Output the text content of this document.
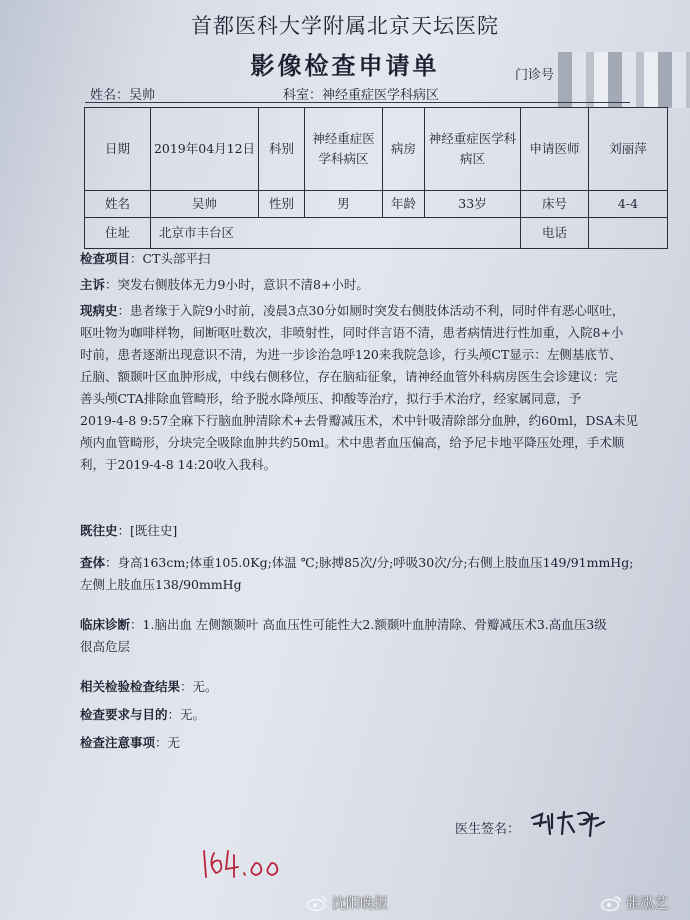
首都医科大学附属北京天坛医院
影像检查申请单	门诊号
姓名：吴帅	科室：神经重症医学科病区
日期	2019年04月12日	科别	神经重症医学科病区	病房	神经重症医学科病区	申请医师	刘丽萍
姓名	吴帅	性别	男	年龄	33岁	床号	4-4
住址	北京市丰台区					电话	
检查项目：CT头部平扫
主诉：突发右侧肢体无力9小时，意识不清8+小时。
现病史：患者缘于入院9小时前，凌晨3点30分如厕时突发右侧肢体活动不利，同时伴有恶心呕吐，
呕吐物为咖啡样物，间断呕吐数次，非喷射性，同时伴言语不清，患者病情进行性加重，入院8+小
时前，患者逐渐出现意识不清，为进一步诊治急呼120来我院急诊，行头颅CT显示：左侧基底节、
丘脑、额颞叶区血肿形成，中线右侧移位，存在脑疝征象，请神经血管外科病房医生会诊建议：完
善头颅CTA排除血管畸形，给予脱水降颅压、抑酸等治疗，拟行手术治疗，经家属同意，予
2019-4-8 9:57全麻下行脑血肿清除术+去骨瓣减压术，术中针吸清除部分血肿，约60ml，DSA未见
颅内血管畸形，分块完全吸除血肿共约50ml。术中患者血压偏高，给予尼卡地平降压处理，手术顺
利，于2019-4-8 14:20收入我科。
既往史：[既往史]
查体：身高163cm;体重105.0Kg;体温 ℃;脉搏85次/分;呼吸30次/分;右侧上肢血压149/91mmHg;
左侧上肢血压138/90mmHg
临床诊断：1.脑出血 左侧额颞叶 高血压性可能性大2.额颞叶血肿清除、骨瓣减压术3.高血压3级
很高危层
相关检验检查结果：无。
检查要求与目的：无。
检查注意事项：无
医生签名：
沈阳晚报	张泓艺
